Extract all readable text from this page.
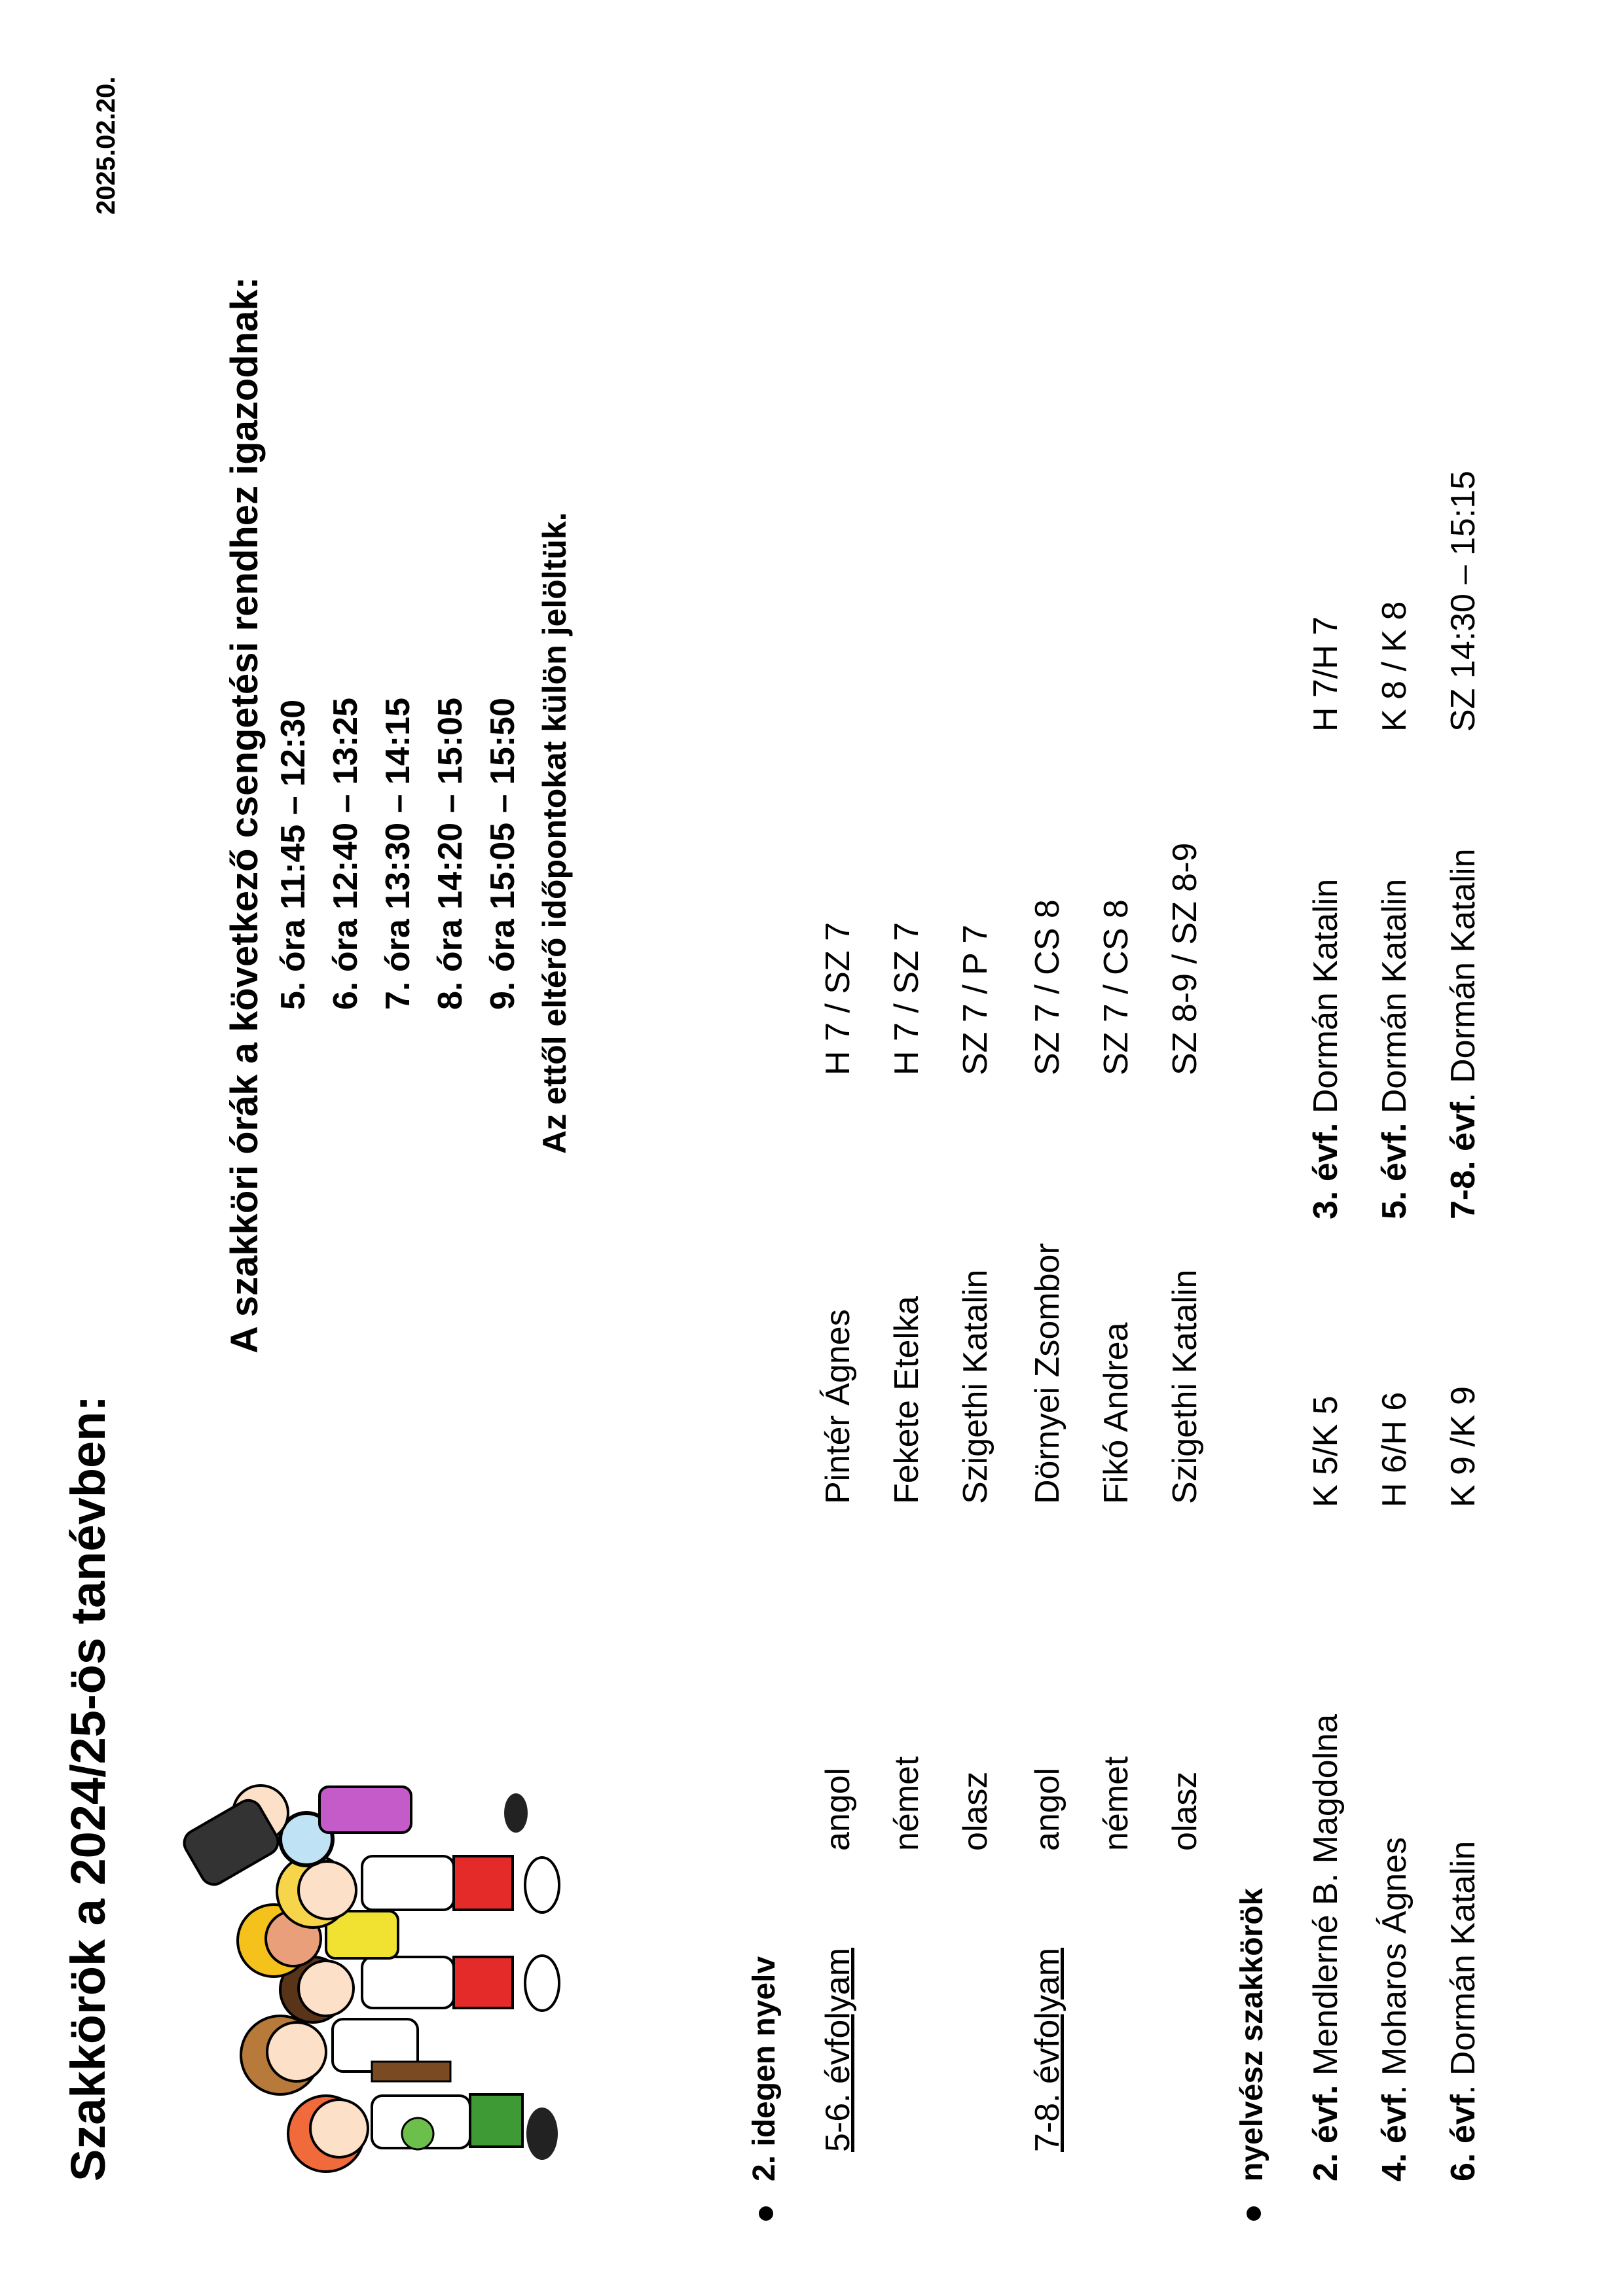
Szakkörök a 2024/25-ös tanévben:
2025.02.20.
A szakköri órák a következő csengetési rendhez igazodnak: 5. óra 11:45 – 12:30
6. óra 12:40 – 13:25
7. óra 13:30 – 14:15
8. óra 14:20 – 15:05
9. óra 15:05 – 15:50 Az ettől eltérő időpontokat külön jelöltük.
2. idegen nyelv 5-6. évfolyam
angol
Pintér Ágnes
H 7 / SZ 7
német
Fekete Etelka
H 7 / SZ 7
olasz
Szigethi Katalin
SZ 7 / P 7
7-8. évfolyam
angol
Dörnyei Zsombor
SZ 7 / CS 8
német
Fikó Andrea
SZ 7 / CS 8
olasz
Szigethi Katalin
SZ 8-9 / SZ 8-9
nyelvész szakkörök 2. évf. Mendlerné B. Magdolna
K 5/K 5
3. évf. Dormán Katalin
H 7/H 7
4. évf. Moharos Ágnes
H 6/H 6
5. évf. Dormán Katalin
K 8 / K 8
6. évf. Dormán Katalin
K 9 /K 9
7-8. évf. Dormán Katalin
SZ 14:30 – 15:15
